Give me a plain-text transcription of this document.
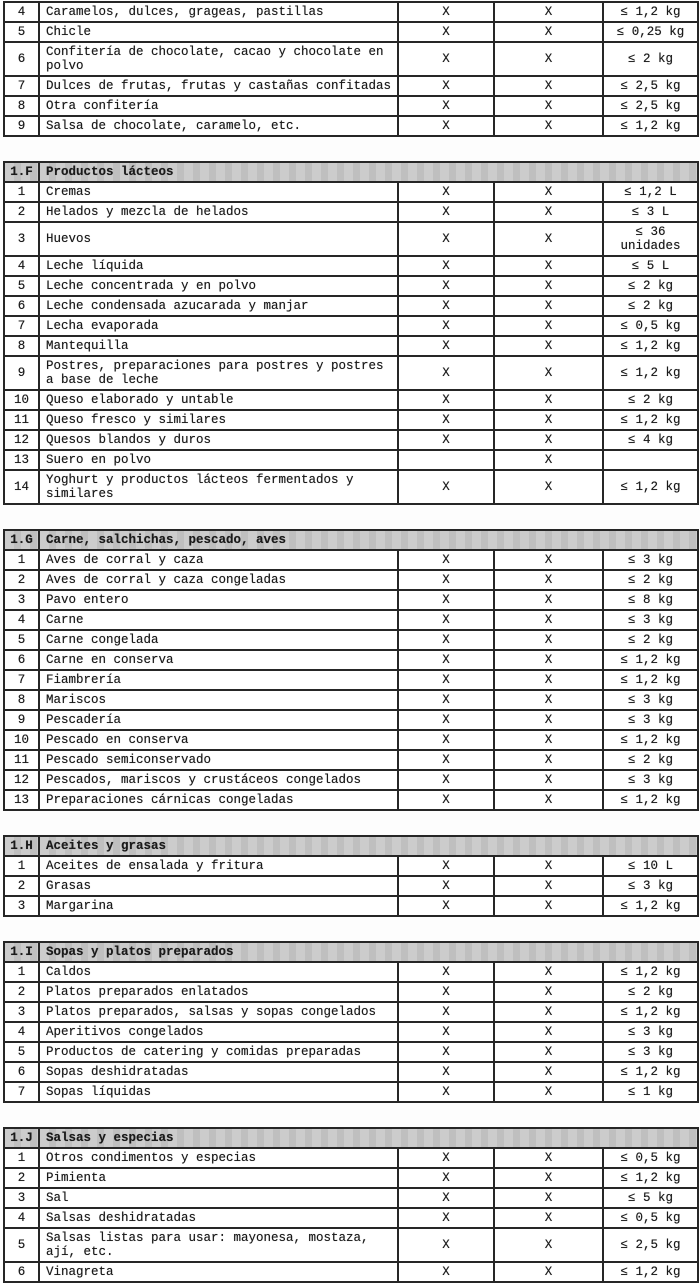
4	Caramelos, dulces, grageas, pastillas	X	X	≤ 1,2 kg
5	Chicle	X	X	≤ 0,25 kg
6	Confitería de chocolate, cacao y chocolate en polvo	X	X	≤ 2 kg
7	Dulces de frutas, frutas y castañas confitadas	X	X	≤ 2,5 kg
8	Otra confitería	X	X	≤ 2,5 kg
9	Salsa de chocolate, caramelo, etc.	X	X	≤ 1,2 kg
1.F	Productos lácteos			
1	Cremas	X	X	≤ 1,2 L
2	Helados y mezcla de helados	X	X	≤ 3 L
3	Huevos	X	X	≤ 36 unidades
4	Leche líquida	X	X	≤ 5 L
5	Leche concentrada y en polvo	X	X	≤ 2 kg
6	Leche condensada azucarada y manjar	X	X	≤ 2 kg
7	Lecha evaporada	X	X	≤ 0,5 kg
8	Mantequilla	X	X	≤ 1,2 kg
9	Postres, preparaciones para postres y postres a base de leche	X	X	≤ 1,2 kg
10	Queso elaborado y untable	X	X	≤ 2 kg
11	Queso fresco y similares	X	X	≤ 1,2 kg
12	Quesos blandos y duros	X	X	≤ 4 kg
13	Suero en polvo		X	
14	Yoghurt y productos lácteos fermentados y similares	X	X	≤ 1,2 kg
1.G	Carne, salchichas, pescado, aves			
1	Aves de corral y caza	X	X	≤ 3 kg
2	Aves de corral y caza congeladas	X	X	≤ 2 kg
3	Pavo entero	X	X	≤ 8 kg
4	Carne	X	X	≤ 3 kg
5	Carne congelada	X	X	≤ 2 kg
6	Carne en conserva	X	X	≤ 1,2 kg
7	Fiambrería	X	X	≤ 1,2 kg
8	Mariscos	X	X	≤ 3 kg
9	Pescadería	X	X	≤ 3 kg
10	Pescado en conserva	X	X	≤ 1,2 kg
11	Pescado semiconservado	X	X	≤ 2 kg
12	Pescados, mariscos y crustáceos congelados	X	X	≤ 3 kg
13	Preparaciones cárnicas congeladas	X	X	≤ 1,2 kg
1.H	Aceites y grasas			
1	Aceites de ensalada y fritura	X	X	≤ 10 L
2	Grasas	X	X	≤ 3 kg
3	Margarina	X	X	≤ 1,2 kg
1.I	Sopas y platos preparados			
1	Caldos	X	X	≤ 1,2 kg
2	Platos preparados enlatados	X	X	≤ 2 kg
3	Platos preparados, salsas y sopas congelados	X	X	≤ 1,2 kg
4	Aperitivos congelados	X	X	≤ 3 kg
5	Productos de catering y comidas preparadas	X	X	≤ 3 kg
6	Sopas deshidratadas	X	X	≤ 1,2 kg
7	Sopas líquidas	X	X	≤ 1 kg
1.J	Salsas y especias			
1	Otros condimentos y especias	X	X	≤ 0,5 kg
2	Pimienta	X	X	≤ 1,2 kg
3	Sal	X	X	≤ 5 kg
4	Salsas deshidratadas	X	X	≤ 0,5 kg
5	Salsas listas para usar: mayonesa, mostaza, ají, etc.	X	X	≤ 2,5 kg
6	Vinagreta	X	X	≤ 1,2 kg
